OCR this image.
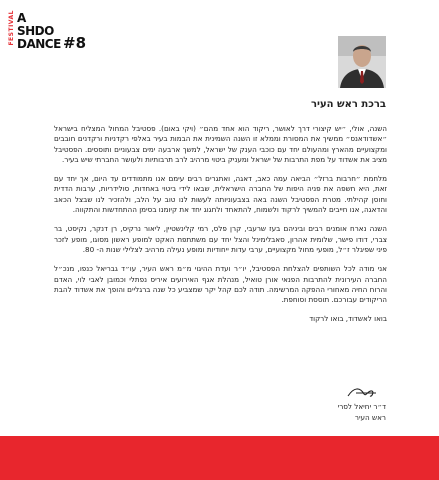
FESTIVAL A
SHDO
DANCE #8
ברכת ראש העיר

השנה, אולי, ״יש קיצורי דרך לאושר, ריקוד הוא אחד מהם״ (ויקי באום). פסטיבל המחול המצליח בישראל ״אשדודאנס״ ממשיך את המסורת וממלא זו השנה השמינית את הבמות בעיר באלפי רקדניות ורקדנים חובבים ומקצועיים מהארץ ומהעולם יחד עם כוכבי הענק של ישראל, למשך ארבעה ימים צבעוניים ותוססים. הפסטיבל מציב את אשדוד על מפת התרבות של ישראל ומעניק ביטוי מרהיב לרב תרבותיות ולעושר החברתי שיש בעיר.

מלחמת ״חרבות ברזל״ הביאה עמה כאב, דאגה, ואתגרים רבים עימם אנו מתמודדים עד היום, אך יחד עם זאת, היא חשפה את פניה היפות של החברה הישראלית, שבאו לידי ביטוי באחדות, סולידריות, ערבות הדדית וחוסן קהילתי. מטרת הפסטיבל השנה באה בצבעוניותה לעשות לנו טוב על הלב, ולהזכיר לנו שבצל הכאב והדאגה, אנו חייבים להמשיך לרקוד ולשמוח, להתאחד ולחגוג יחד את קיומנו בסימן ההתחדשות והתקווה.

השנה נארח אומנים רבים וביניהם בעז שרעבי, קרן פלס, רמי קלינשטיין, ליאור נרקיס, רן דנקר, נקיסט, בר צברי, דודו פישר, שלומית אהרון, סאבלימינל והצל יחד עם משתתפת האקט למופע ראשון מסוגו, מופע לזכר פיני שפיגלר ז״ל, מופעי מחול מקצועיים, ערבי עדות ייחודיות ומופע נעילה מרהיב לצלילי שנות ה- 80.

אני מודה לכל השותפים להצלחת הפסטיבל, יו״ר ועדת ההיגוי מ״מ ראש העיר, עו״ד גבריאל כנפו, מנכ״ל החברה העירונית להתרבות הפנאי אורן טואיל, מנהלת אגף האירועים איריס נפתלי וכמובן לאבי לוי, האדם והרוח החיה מאחורי ההפקה המרשימה. תודה לכם קהל יקר שמצביע כל שנה ברגליים והופך את אשדוד להבת הריקודים עבורכם. תוססת וסוחפת.

בואו לאשדוד, בואו לרקוד

ד״ר יחיאל לסרי
ראש העיר
